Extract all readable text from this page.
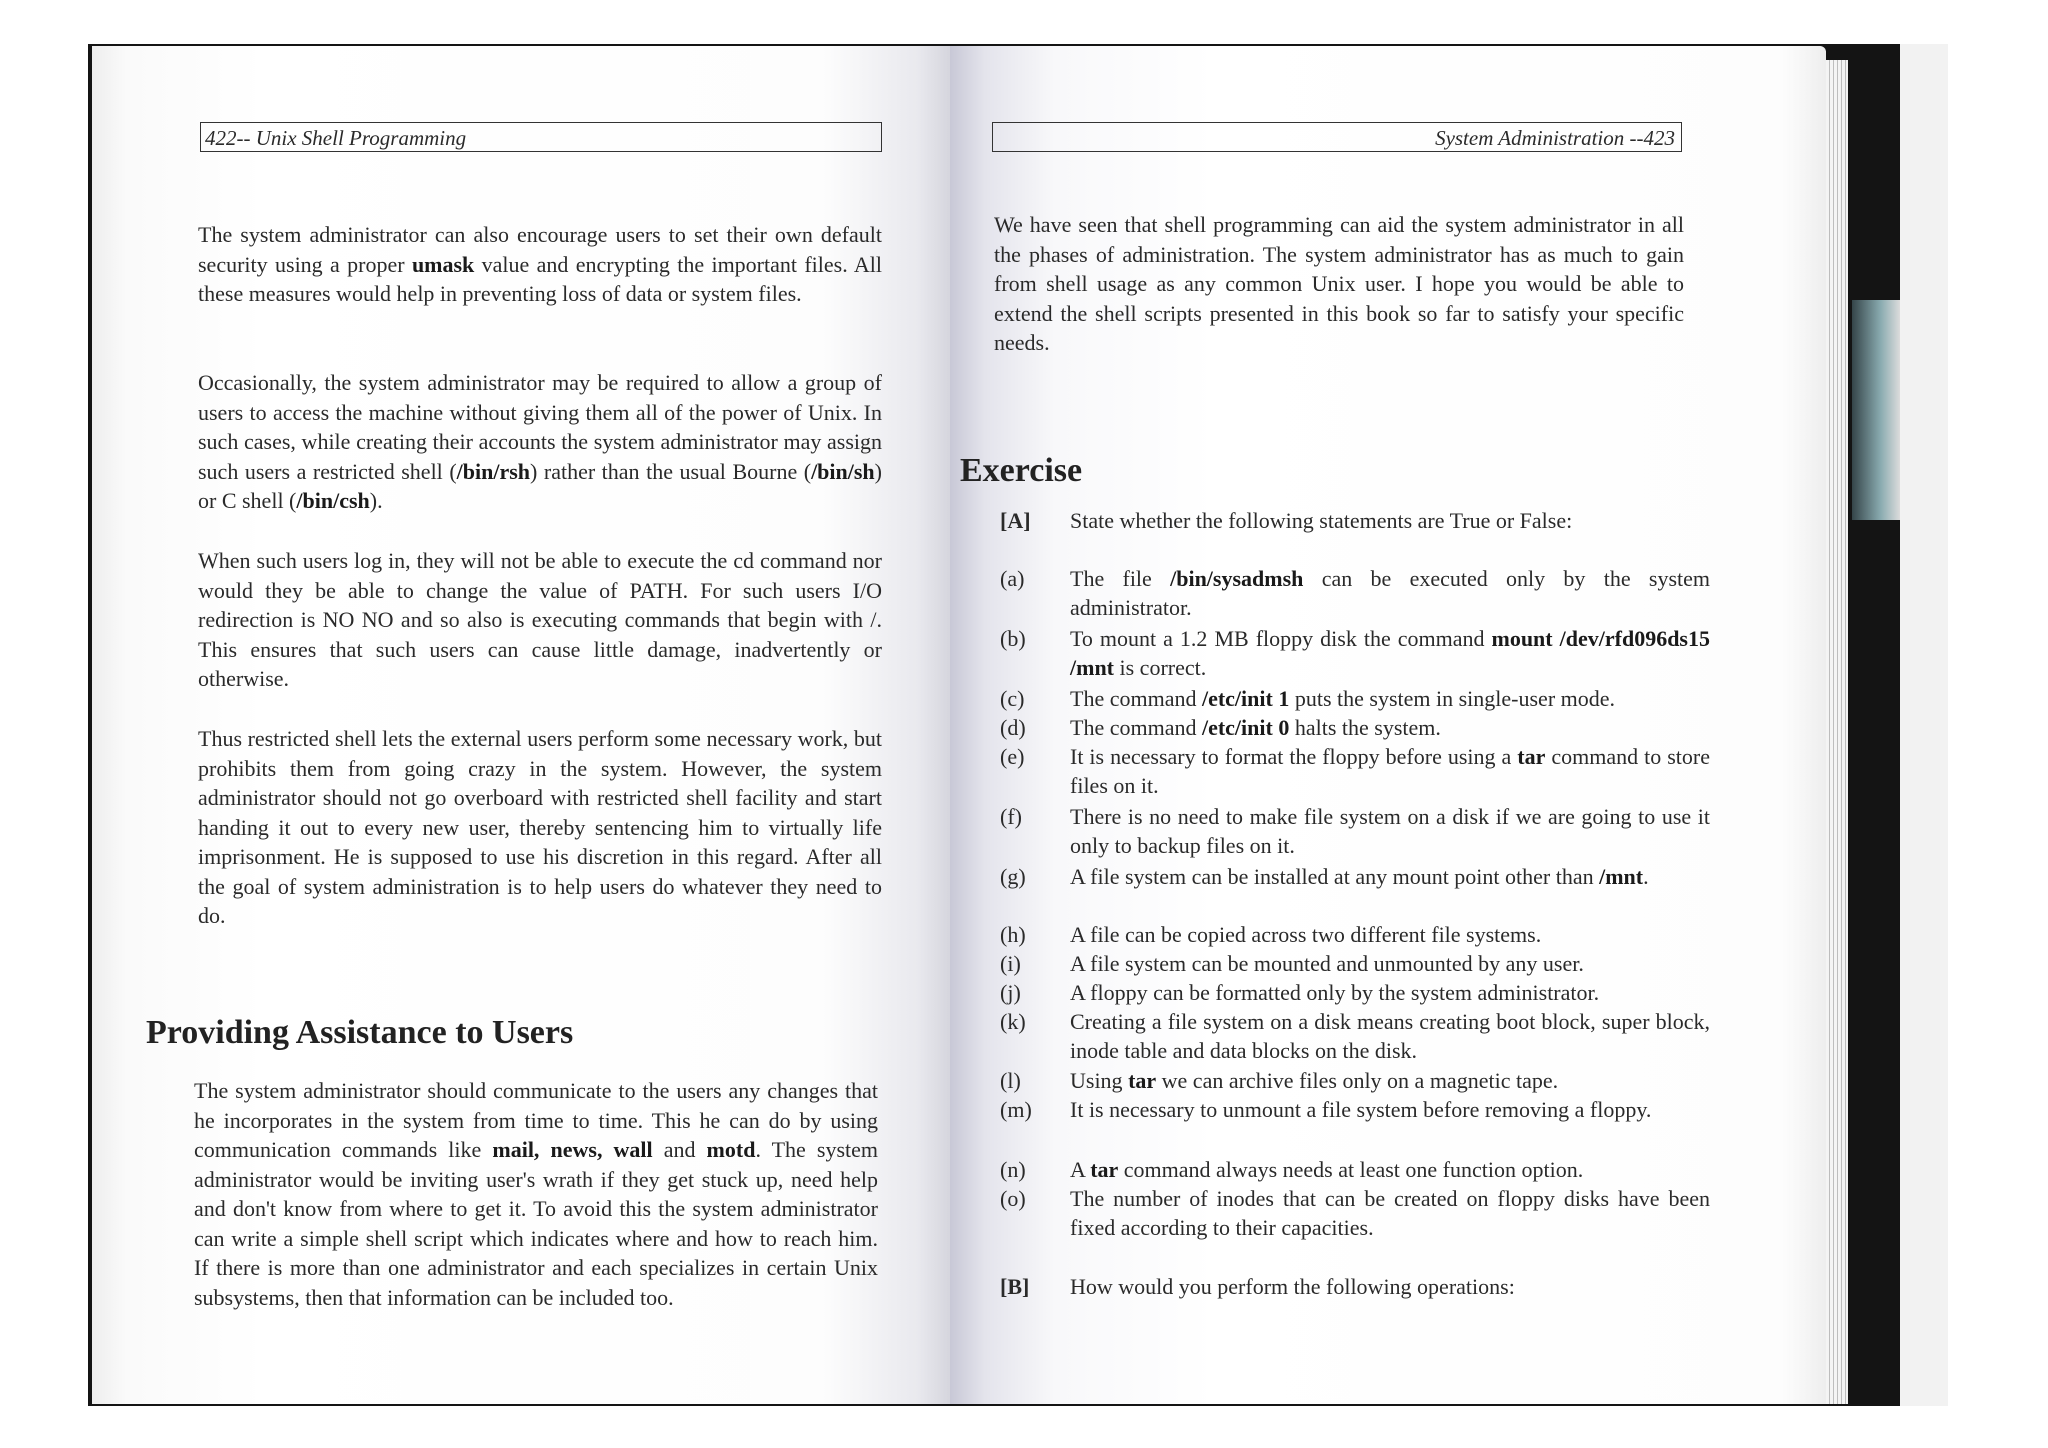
422-- Unix Shell Programming

The system administrator can also encourage users to set their own default security using a proper umask value and encrypting the important files. All these measures would help in preventing loss of data or system files.

Occasionally, the system administrator may be required to allow a group of users to access the machine without giving them all of the power of Unix. In such cases, while creating their accounts the system administrator may assign such users a restricted shell (/bin/rsh) rather than the usual Bourne (/bin/sh) or C shell (/bin/csh).

When such users log in, they will not be able to execute the cd command nor would they be able to change the value of PATH. For such users I/O redirection is NO NO and so also is executing commands that begin with /. This ensures that such users can cause little damage, inadvertently or otherwise.

Thus restricted shell lets the external users perform some necessary work, but prohibits them from going crazy in the system. However, the system administrator should not go overboard with restricted shell facility and start handing it out to every new user, thereby sentencing him to virtually life imprisonment. He is supposed to use his discretion in this regard. After all the goal of system administration is to help users do whatever they need to do.

Providing Assistance to Users

The system administrator should communicate to the users any changes that he incorporates in the system from time to time. This he can do by using communication commands like mail, news, wall and motd. The system administrator would be inviting user's wrath if they get stuck up, need help and don't know from where to get it. To avoid this the system administrator can write a simple shell script which indicates where and how to reach him. If there is more than one administrator and each specializes in certain Unix subsystems, then that information can be included too.

System Administration --423

We have seen that shell programming can aid the system administrator in all the phases of administration. The system administrator has as much to gain from shell usage as any common Unix user. I hope you would be able to extend the shell scripts presented in this book so far to satisfy your specific needs.

Exercise
[A]	State whether the following statements are True or False:
(a)	The file /bin/sysadmsh can be executed only by the system administrator.
(b)	To mount a 1.2 MB floppy disk the command mount /dev/rfd096ds15 /mnt is correct.
(c)	The command /etc/init 1 puts the system in single-user mode.
(d)	The command /etc/init 0 halts the system.
(e)	It is necessary to format the floppy before using a tar command to store files on it.
(f)	There is no need to make file system on a disk if we are going to use it only to backup files on it.
(g)	A file system can be installed at any mount point other than /mnt.
(h)	A file can be copied across two different file systems.
(i)	A file system can be mounted and unmounted by any user.
(j)	A floppy can be formatted only by the system administrator.
(k)	Creating a file system on a disk means creating boot block, super block, inode table and data blocks on the disk.
(l)	Using tar we can archive files only on a magnetic tape.
(m)	It is necessary to unmount a file system before removing a floppy.
(n)	A tar command always needs at least one function option.
(o)	The number of inodes that can be created on floppy disks have been fixed according to their capacities.
[B]	How would you perform the following operations:
